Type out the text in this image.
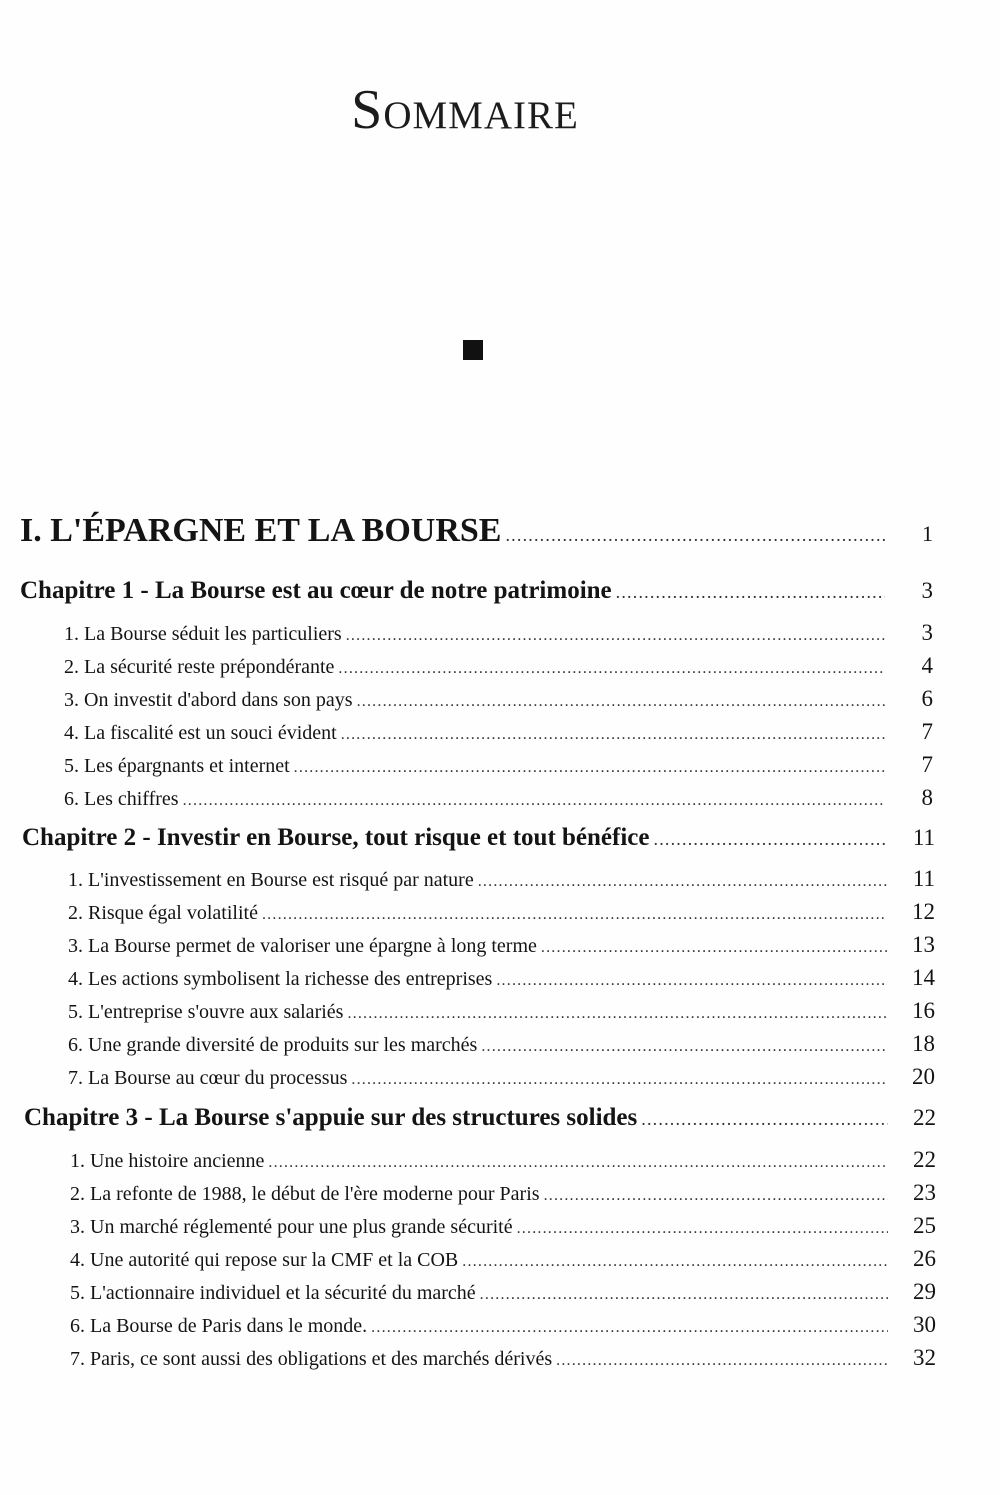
Sommaire
I. L'ÉPARGNE ET LA BOURSE .....	1
Chapitre 1 - La Bourse est au cœur de notre patrimoine .....	3
1. La Bourse séduit les particuliers .....	3
2. La sécurité reste prépondérante .....	4
3. On investit d'abord dans son pays .....	6
4. La fiscalité est un souci évident .....	7
5. Les épargnants et internet .....	7
6. Les chiffres .....	8
Chapitre 2 - Investir en Bourse, tout risque et tout bénéfice .....	11
1. L'investissement en Bourse est risqué par nature .....	11
2. Risque égal volatilité .....	12
3. La Bourse permet de valoriser une épargne à long terme .....	13
4. Les actions symbolisent la richesse des entreprises .....	14
5. L'entreprise s'ouvre aux salariés .....	16
6. Une grande diversité de produits sur les marchés .....	18
7. La Bourse au cœur du processus .....	20
Chapitre 3 - La Bourse s'appuie sur des structures solides .....	22
1. Une histoire ancienne .....	22
2. La refonte de 1988, le début de l'ère moderne pour Paris .....	23
3. Un marché réglementé pour une plus grande sécurité .....	25
4. Une autorité qui repose sur la CMF et la COB .....	26
5. L'actionnaire individuel et la sécurité du marché .....	29
6. La Bourse de Paris dans le monde. .....	30
7. Paris, ce sont aussi des obligations et des marchés dérivés .....	32
